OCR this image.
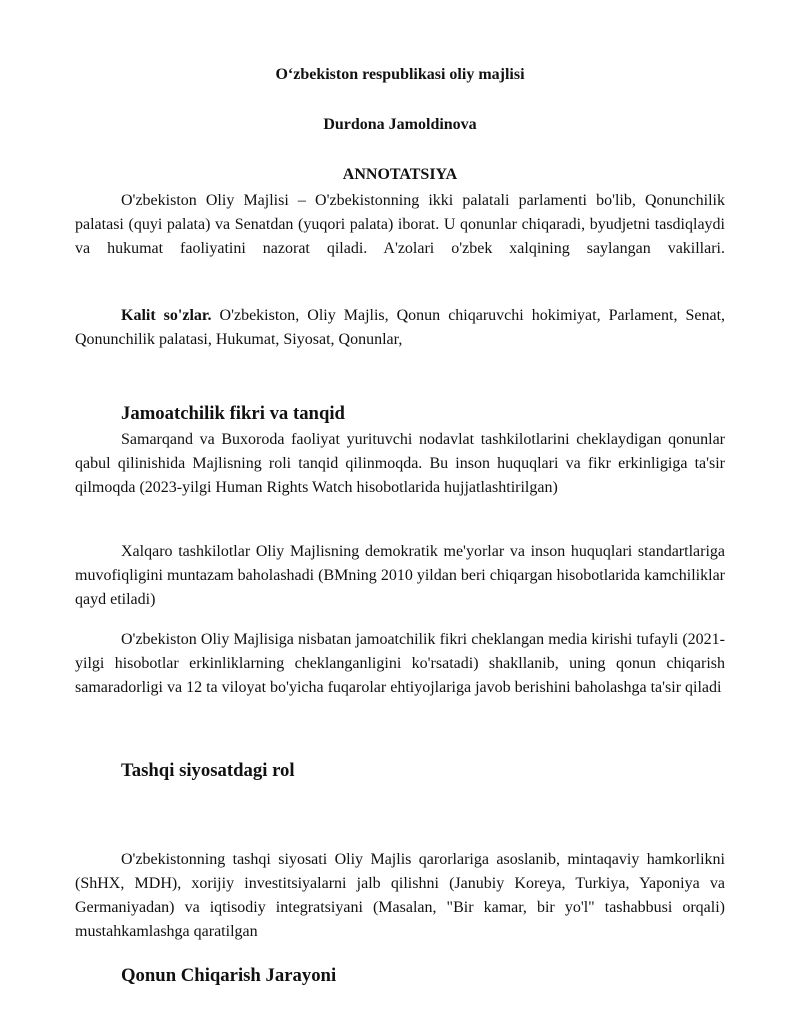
O‘zbekiston respublikasi oliy majlisi
Durdona Jamoldinova
ANNOTATSIYA

O'zbekiston Oliy Majlisi – O'zbekistonning ikki palatali parlamenti bo'lib, Qonunchilik palatasi (quyi palata) va Senatdan (yuqori palata) iborat. U qonunlar chiqaradi, byudjetni tasdiqlaydi va hukumat faoliyatini nazorat qiladi. A'zolari o'zbek xalqining saylangan vakillari.

Kalit so'zlar. O'zbekiston, Oliy Majlis, Qonun chiqaruvchi hokimiyat, Parlament, Senat, Qonunchilik palatasi, Hukumat, Siyosat, Qonunlar,

Jamoatchilik fikri va tanqid

Samarqand va Buxoroda faoliyat yurituvchi nodavlat tashkilotlarini cheklaydigan qonunlar qabul qilinishida Majlisning roli tanqid qilinmoqda. Bu inson huquqlari va fikr erkinligiga ta'sir qilmoqda (2023-yilgi Human Rights Watch hisobotlarida hujjatlashtirilgan)

Xalqaro tashkilotlar Oliy Majlisning demokratik me'yorlar va inson huquqlari standartlariga muvofiqligini muntazam baholashadi (BMning 2010 yildan beri chiqargan hisobotlarida kamchiliklar qayd etiladi)

O'zbekiston Oliy Majlisiga nisbatan jamoatchilik fikri cheklangan media kirishi tufayli (2021-yilgi hisobotlar erkinliklarning cheklanganligini ko'rsatadi) shakllanib, uning qonun chiqarish samaradorligi va 12 ta viloyat bo'yicha fuqarolar ehtiyojlariga javob berishini baholashga ta'sir qiladi

Tashqi siyosatdagi rol

O'zbekistonning tashqi siyosati Oliy Majlis qarorlariga asoslanib, mintaqaviy hamkorlikni (ShHX, MDH), xorijiy investitsiyalarni jalb qilishni (Janubiy Koreya, Turkiya, Yaponiya va Germaniyadan) va iqtisodiy integratsiyani (Masalan, "Bir kamar, bir yo'l" tashabbusi orqali) mustahkamlashga qaratilgan

Qonun Chiqarish Jarayoni
